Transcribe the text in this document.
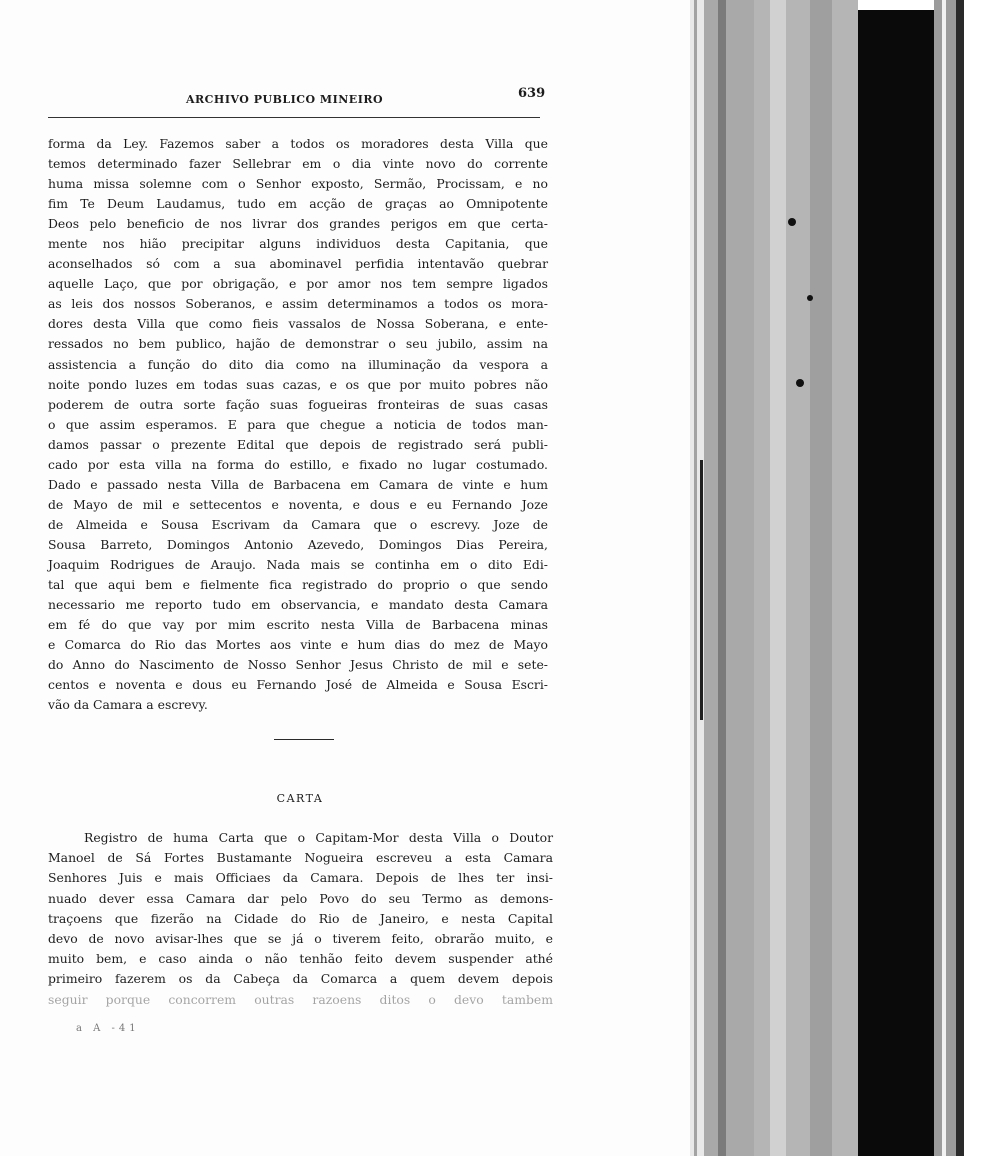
ARCHIVO PUBLICO MINEIRO	639
forma da Ley. Fazemos saber a todos os moradores desta Villa que
temos determinado fazer Sellebrar em o dia vinte novo do corrente
huma missa solemne com o Senhor exposto, Sermão, Procissam, e no
fim Te Deum Laudamus, tudo em acção de graças ao Omnipotente
Deos pelo beneficio de nos livrar dos grandes perigos em que certa-
mente nos hião precipitar alguns individuos desta Capitania, que
aconselhados só com a sua abominavel perfidia intentavão quebrar
aquelle Laço, que por obrigação, e por amor nos tem sempre ligados
as leis dos nossos Soberanos, e assim determinamos a todos os mora-
dores desta Villa que como fieis vassalos de Nossa Soberana, e ente-
ressados no bem publico, hajão de demonstrar o seu jubilo, assim na
assistencia a função do dito dia como na illuminação da vespora a
noite pondo luzes em todas suas cazas, e os que por muito pobres não
poderem de outra sorte fação suas fogueiras fronteiras de suas casas
o que assim esperamos. E para que chegue a noticia de todos man-
damos passar o prezente Edital que depois de registrado será publi-
cado por esta villa na forma do estillo, e fixado no lugar costumado.
Dado e passado nesta Villa de Barbacena em Camara de vinte e hum
de Mayo de mil e settecentos e noventa, e dous e eu Fernando Joze
de Almeida e Sousa Escrivam da Camara que o escrevy. Joze de
Sousa Barreto, Domingos Antonio Azevedo, Domingos Dias Pereira,
Joaquim Rodrigues de Araujo. Nada mais se continha em o dito Edi-
tal que aqui bem e fielmente fica registrado do proprio o que sendo
necessario me reporto tudo em observancia, e mandato desta Camara
em fé do que vay por mim escrito nesta Villa de Barbacena minas
e Comarca do Rio das Mortes aos vinte e hum dias do mez de Mayo
do Anno do Nascimento de Nosso Senhor Jesus Christo de mil e sete-
centos e noventa e dous eu Fernando José de Almeida e Sousa Escri-
vão da Camara a escrevy.
CARTA
Registro de huma Carta que o Capitam-Mor desta Villa o Doutor
Manoel de Sá Fortes Bustamante Nogueira escreveu a esta Camara
Senhores Juis e mais Officiaes da Camara. Depois de lhes ter insi-
nuado dever essa Camara dar pelo Povo do seu Termo as demons-
traçoens que fizerão na Cidade do Rio de Janeiro, e nesta Capital
devo de novo avisar-lhes que se já o tiverem feito, obrarão muito, e
muito bem, e caso ainda o não tenhão feito devem suspender athé
primeiro fazerem os da Cabeça da Comarca a quem devem depois
seguir porque concorrem outras razoens ditos o devo tambem
a A -41
